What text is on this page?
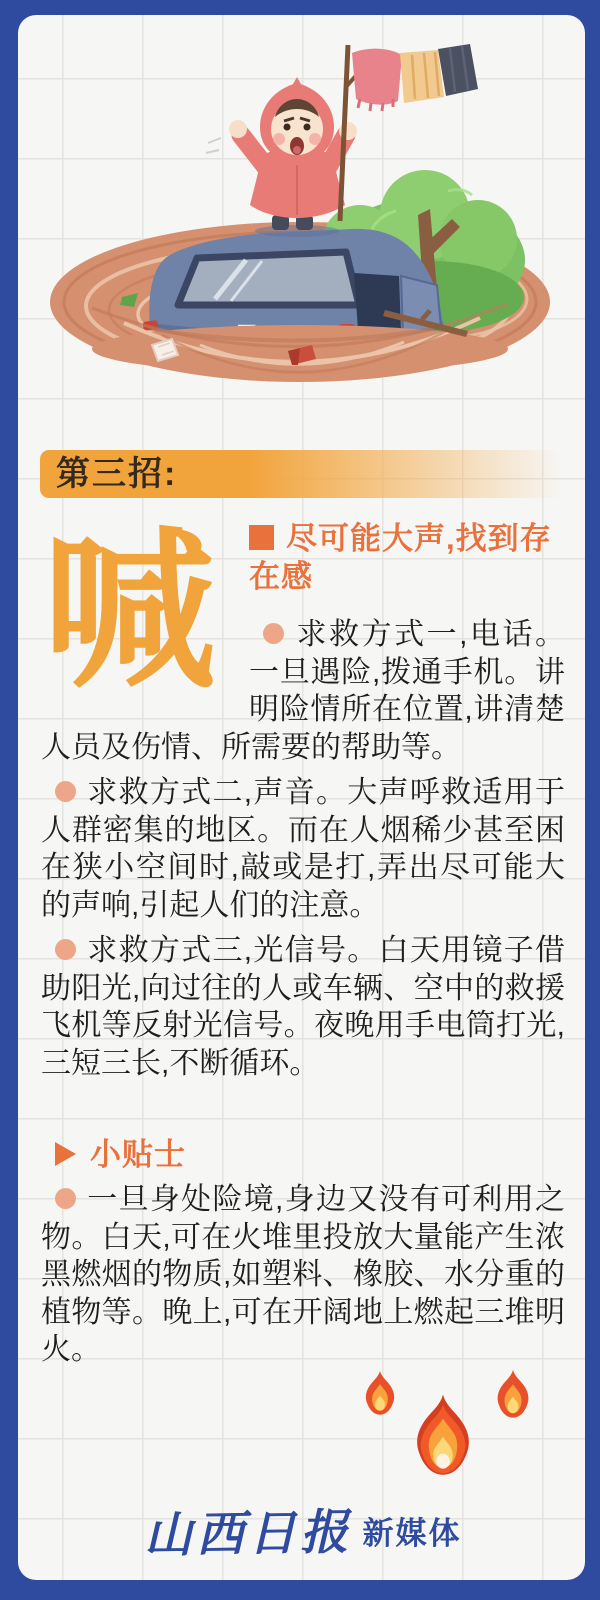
第三招:
喊	尽可能大声,找到存在感

求救方式一,电话。一旦遇险,拨通手机。讲明险情所在位置,讲清楚人员及伤情、所需要的帮助等。

求救方式二,声音。大声呼救适用于人群密集的地区。而在人烟稀少甚至困在狭小空间时,敲或是打,弄出尽可能大的声响,引起人们的注意。

求救方式三,光信号。白天用镜子借助阳光,向过往的人或车辆、空中的救援飞机等反射光信号。夜晚用手电筒打光,三短三长,不断循环。

小贴士

一旦身处险境,身边又没有可利用之物。白天,可在火堆里投放大量能产生浓黑燃烟的物质,如塑料、橡胶、水分重的植物等。晚上,可在开阔地上燃起三堆明火。

山西日报 新媒体
